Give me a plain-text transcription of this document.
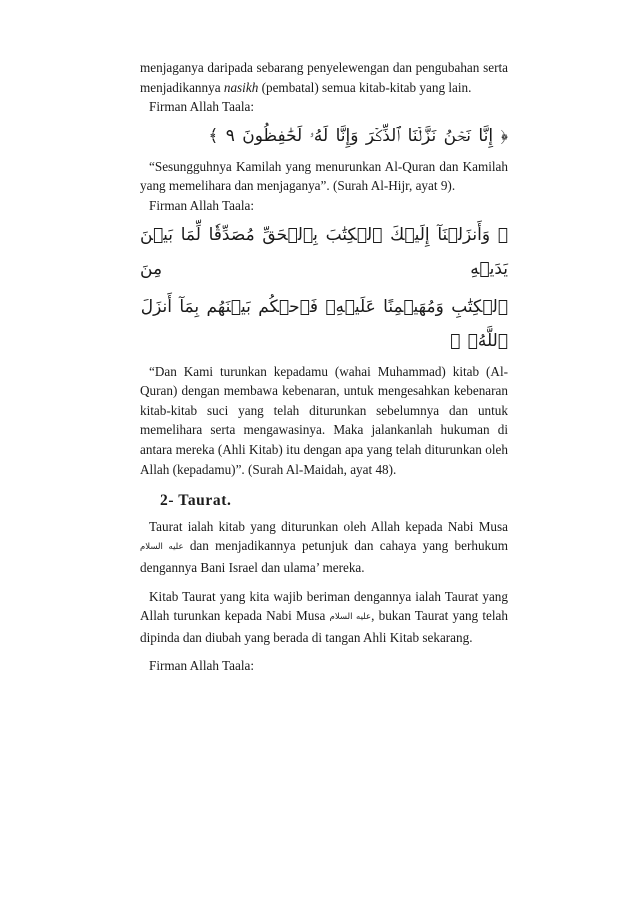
menjaganya daripada sebarang penyelewengan dan pengubahan serta menjadikannya nasikh (pembatal) semua kitab-kitab yang lain.

Firman Allah Taala:

﴿ إِنَّا نَحۡنُ نَزَّلۡنَا ٱلذِّكۡرَ وَإِنَّا لَهُۥ لَحَٰفِظُونَ ٩ ﴾

“Sesungguhnya Kamilah yang menurunkan Al-Quran dan Kamilah yang memelihara dan menjaganya”. (Surah Al-Hijr, ayat 9).

Firman Allah Taala:

﴿ وَأَنزَلۡنَآ إِلَيۡكَ ٱلۡكِتَٰبَ بِٱلۡحَقِّ مُصَدِّقٗا لِّمَا بَيۡنَ يَدَيۡهِ مِنَ

ٱلۡكِتَٰبِ وَمُهَيۡمِنًا عَلَيۡهِۖ فَٱحۡكُم بَيۡنَهُم بِمَآ أَنزَلَ ٱللَّهُۖ ﴾

“Dan Kami turunkan kepadamu (wahai Muhammad) kitab (Al-Quran) dengan membawa kebenaran, untuk mengesahkan kebenaran kitab-kitab suci yang telah diturunkan sebelumnya dan untuk memelihara serta mengawasinya. Maka jalankanlah hukuman di antara mereka (Ahli Kitab) itu dengan apa yang telah diturunkan oleh Allah (kepadamu)”. (Surah Al-Maidah, ayat 48).

2- Taurat.

Taurat ialah kitab yang diturunkan oleh Allah kepada Nabi Musa عليه السلام dan menjadikannya petunjuk dan cahaya yang berhukum dengannya Bani Israel dan ulama’ mereka.

Kitab Taurat yang kita wajib beriman dengannya ialah Taurat yang Allah turunkan kepada Nabi Musa عليه السلام, bukan Taurat yang telah dipinda dan diubah yang berada di tangan Ahli Kitab sekarang.

Firman Allah Taala:
